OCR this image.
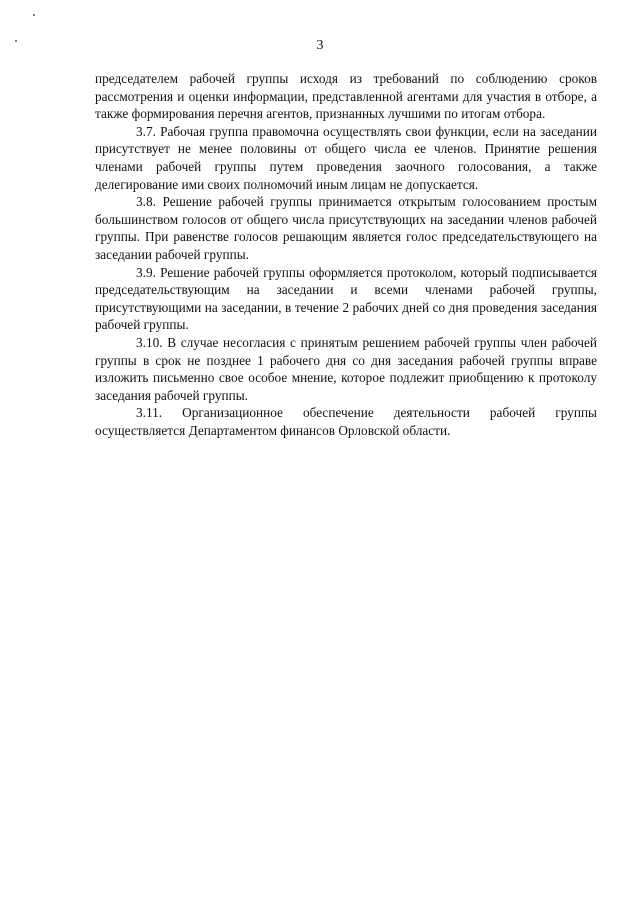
3

председателем рабочей группы исходя из требований по соблюдению сроков рассмотрения и оценки информации, представленной агентами для участия в отборе, а также формирования перечня агентов, признанных лучшими по итогам отбора.

3.7. Рабочая группа правомочна осуществлять свои функции, если на заседании присутствует не менее половины от общего числа ее членов. Принятие решения членами рабочей группы путем проведения заочного голосования, а также делегирование ими своих полномочий иным лицам не допускается.

3.8. Решение рабочей группы принимается открытым голосованием простым большинством голосов от общего числа присутствующих на заседании членов рабочей группы. При равенстве голосов решающим является голос председательствующего на заседании рабочей группы.

3.9. Решение рабочей группы оформляется протоколом, который подписывается председательствующим на заседании и всеми членами рабочей группы, присутствующими на заседании, в течение 2 рабочих дней со дня проведения заседания рабочей группы.

3.10. В случае несогласия с принятым решением рабочей группы член рабочей группы в срок не позднее 1 рабочего дня со дня заседания рабочей группы вправе изложить письменно свое особое мнение, которое подлежит приобщению к протоколу заседания рабочей группы.

3.11. Организационное обеспечение деятельности рабочей группы осуществляется Департаментом финансов Орловской области.
